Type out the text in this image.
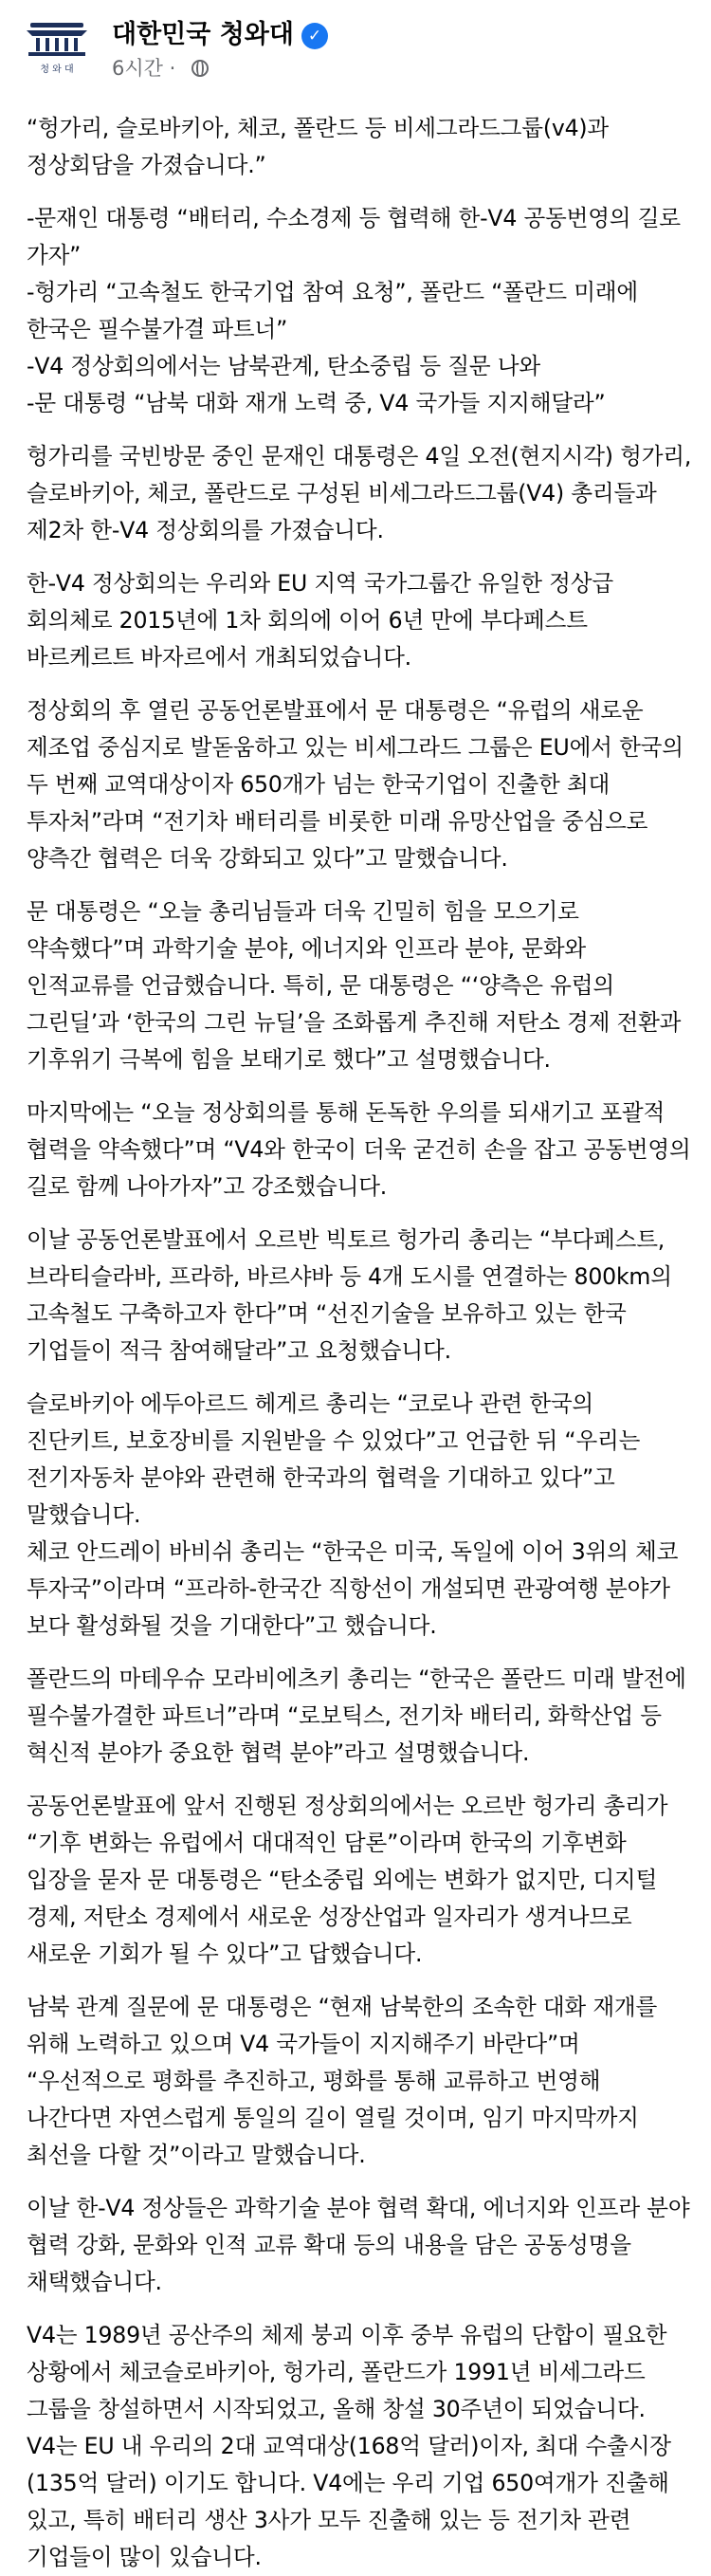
청 와 대
대한민국 청와대 ✓
6시간 ·

“헝가리, 슬로바키아, 체코, 폴란드 등 비세그라드그룹(v4)과 정상회담을 가졌습니다.”

-문재인 대통령 “배터리, 수소경제 등 협력해 한-V4 공동번영의 길로 가자”
-헝가리 “고속철도 한국기업 참여 요청”, 폴란드 “폴란드 미래에 한국은 필수불가결 파트너”
-V4 정상회의에서는 남북관계, 탄소중립 등 질문 나와
-문 대통령 “남북 대화 재개 노력 중, V4 국가들 지지해달라”

헝가리를 국빈방문 중인 문재인 대통령은 4일 오전(현지시각) 헝가리, 슬로바키아, 체코, 폴란드로 구성된 비세그라드그룹(V4) 총리들과 제2차 한-V4 정상회의를 가졌습니다.

한-V4 정상회의는 우리와 EU 지역 국가그룹간 유일한 정상급 회의체로 2015년에 1차 회의에 이어 6년 만에 부다페스트 바르케르트 바자르에서 개최되었습니다.

정상회의 후 열린 공동언론발표에서 문 대통령은 “유럽의 새로운 제조업 중심지로 발돋움하고 있는 비세그라드 그룹은 EU에서 한국의 두 번째 교역대상이자 650개가 넘는 한국기업이 진출한 최대 투자처”라며 “전기차 배터리를 비롯한 미래 유망산업을 중심으로 양측간 협력은 더욱 강화되고 있다”고 말했습니다.

문 대통령은 “오늘 총리님들과 더욱 긴밀히 힘을 모으기로 약속했다”며 과학기술 분야, 에너지와 인프라 분야, 문화와 인적교류를 언급했습니다. 특히, 문 대통령은 “‘양측은 유럽의 그린딜’과 ‘한국의 그린 뉴딜’을 조화롭게 추진해 저탄소 경제 전환과 기후위기 극복에 힘을 보태기로 했다”고 설명했습니다.

마지막에는 “오늘 정상회의를 통해 돈독한 우의를 되새기고 포괄적 협력을 약속했다”며 “V4와 한국이 더욱 굳건히 손을 잡고 공동번영의 길로 함께 나아가자”고 강조했습니다.

이날 공동언론발표에서 오르반 빅토르 헝가리 총리는 “부다페스트, 브라티슬라바, 프라하, 바르샤바 등 4개 도시를 연결하는 800km의 고속철도 구축하고자 한다”며 “선진기술을 보유하고 있는 한국 기업들이 적극 참여해달라”고 요청했습니다.

슬로바키아 에두아르드 헤게르 총리는 “코로나 관련 한국의 진단키트, 보호장비를 지원받을 수 있었다”고 언급한 뒤 “우리는 전기자동차 분야와 관련해 한국과의 협력을 기대하고 있다”고 말했습니다.
체코 안드레이 바비쉬 총리는 “한국은 미국, 독일에 이어 3위의 체코 투자국”이라며 “프라하-한국간 직항선이 개설되면 관광여행 분야가 보다 활성화될 것을 기대한다”고 했습니다.

폴란드의 마테우슈 모라비에츠키 총리는 “한국은 폴란드 미래 발전에 필수불가결한 파트너”라며 “로보틱스, 전기차 배터리, 화학산업 등 혁신적 분야가 중요한 협력 분야”라고 설명했습니다.

공동언론발표에 앞서 진행된 정상회의에서는 오르반 헝가리 총리가 “기후 변화는 유럽에서 대대적인 담론”이라며 한국의 기후변화 입장을 묻자 문 대통령은 “탄소중립 외에는 변화가 없지만, 디지털 경제, 저탄소 경제에서 새로운 성장산업과 일자리가 생겨나므로 새로운 기회가 될 수 있다”고 답했습니다.

남북 관계 질문에 문 대통령은 “현재 남북한의 조속한 대화 재개를 위해 노력하고 있으며 V4 국가들이 지지해주기 바란다”며 “우선적으로 평화를 추진하고, 평화를 통해 교류하고 번영해 나간다면 자연스럽게 통일의 길이 열릴 것이며, 임기 마지막까지 최선을 다할 것”이라고 말했습니다.

이날 한-V4 정상들은 과학기술 분야 협력 확대, 에너지와 인프라 분야 협력 강화, 문화와 인적 교류 확대 등의 내용을 담은 공동성명을 채택했습니다.

V4는 1989년 공산주의 체제 붕괴 이후 중부 유럽의 단합이 필요한 상황에서 체코슬로바키아, 헝가리, 폴란드가 1991년 비세그라드 그룹을 창설하면서 시작되었고, 올해 창설 30주년이 되었습니다. V4는 EU 내 우리의 2대 교역대상(168억 달러)이자, 최대 수출시장(135억 달러) 이기도 합니다. V4에는 우리 기업 650여개가 진출해 있고, 특히 배터리 생산 3사가 모두 진출해 있는 등 전기차 관련 기업들이 많이 있습니다.
